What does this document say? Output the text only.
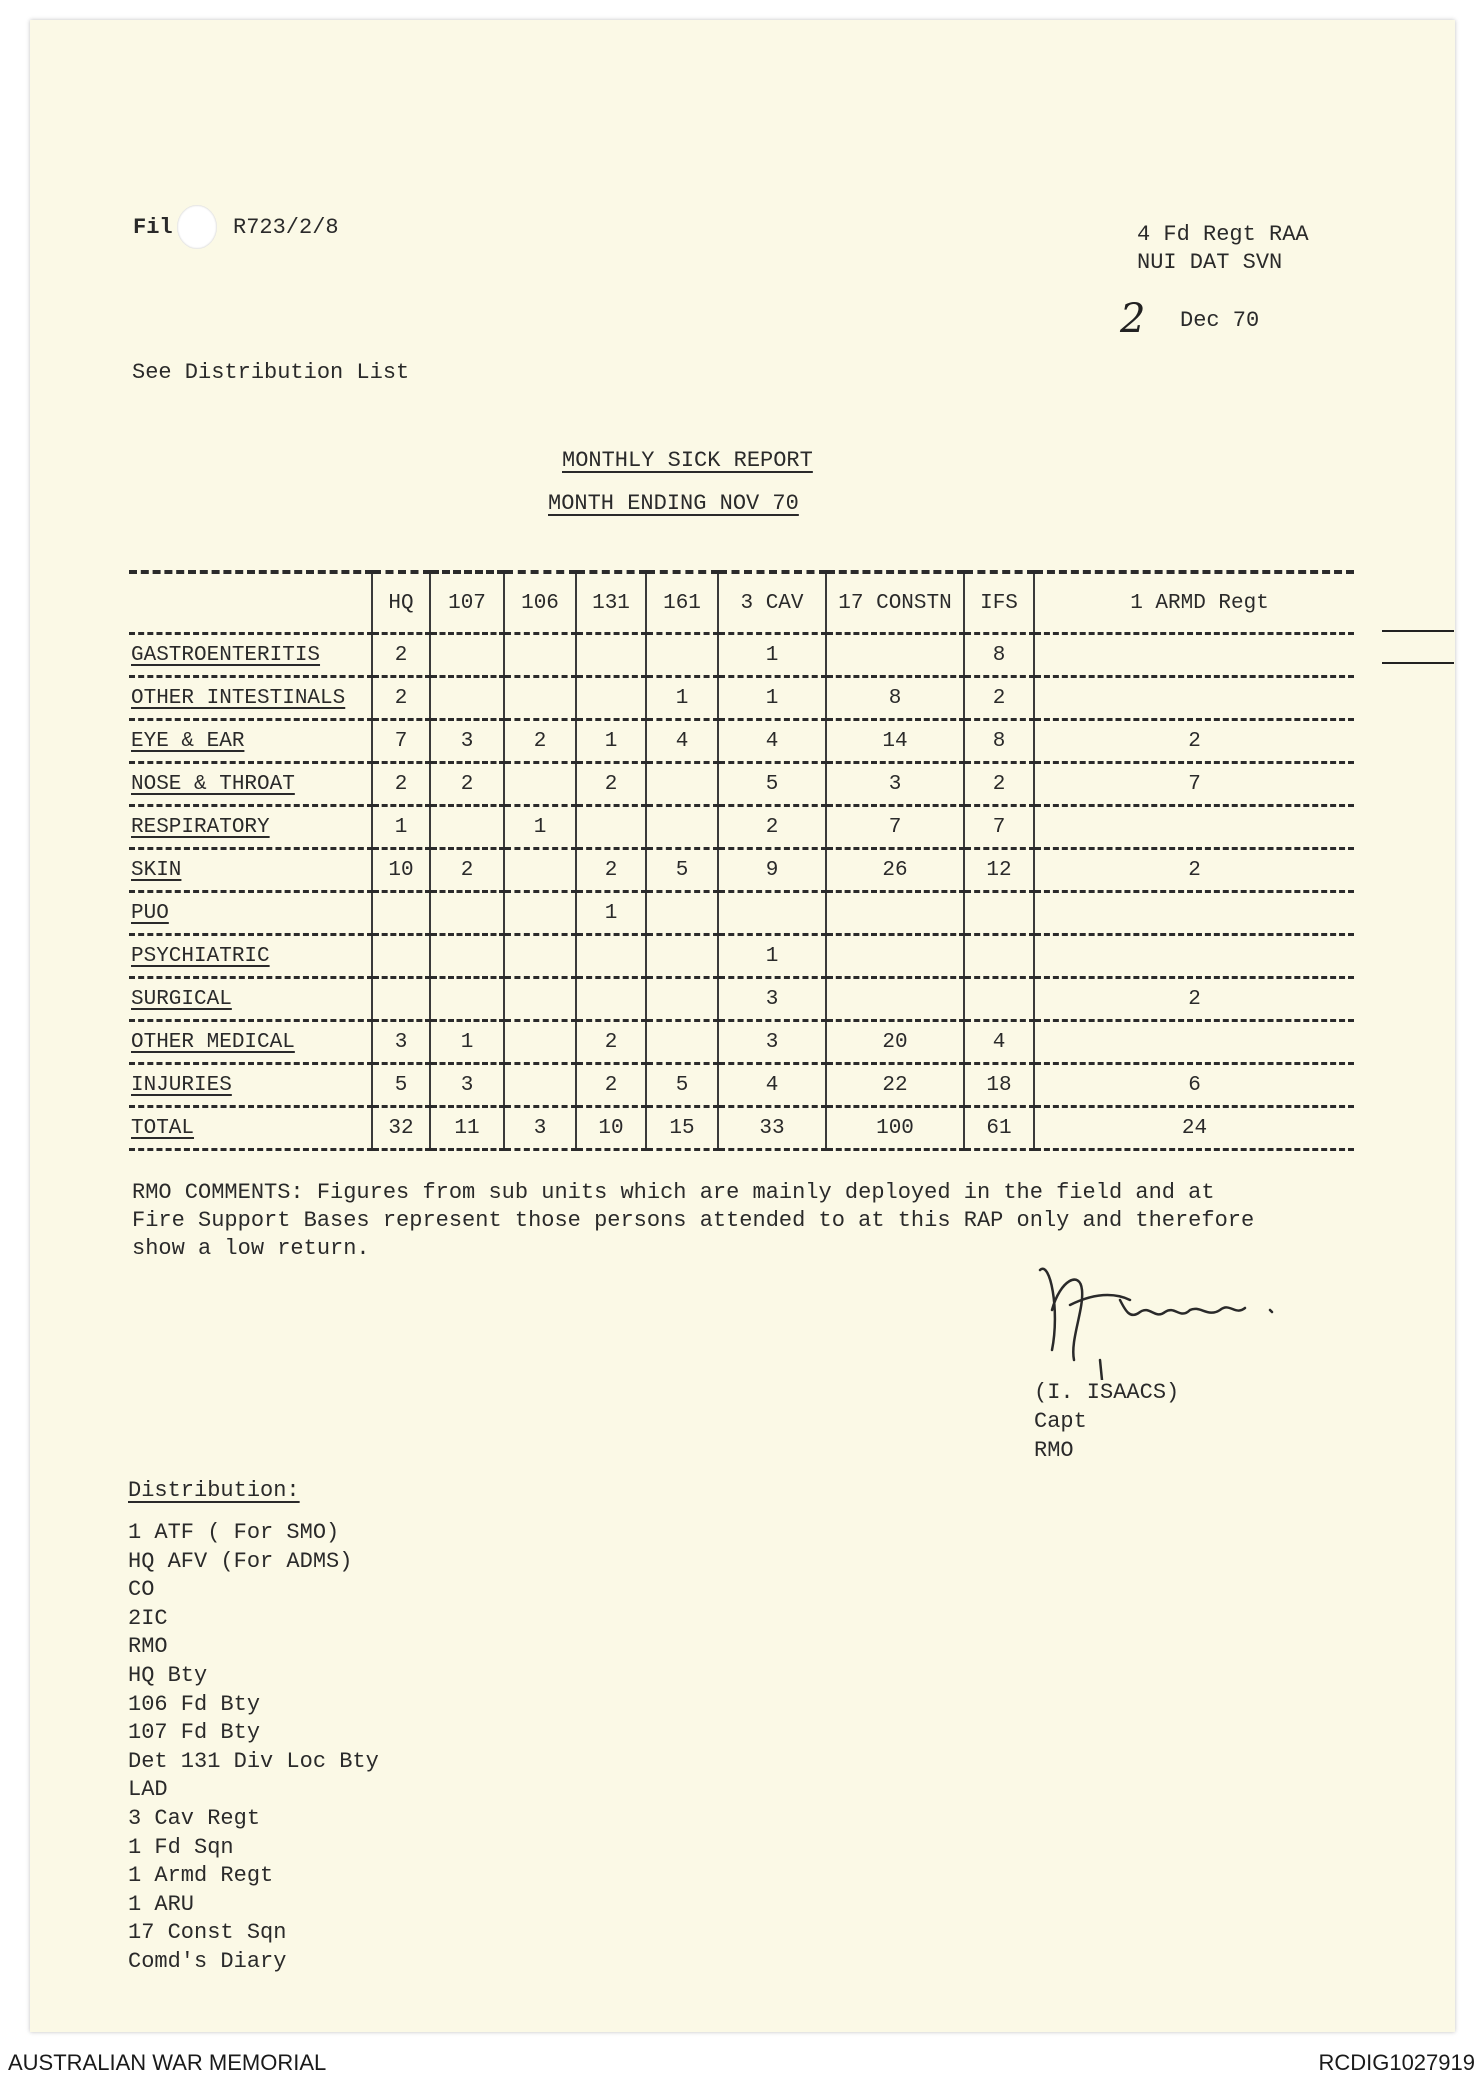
Fil	R723/2/8	4 Fd Regt RAA
NUI DAT SVN
2 Dec 70
See Distribution List
MONTHLY SICK REPORT
MONTH ENDING NOV 70
	HQ	107	106	131	161	3 CAV	17 CONSTN	IFS	1 ARMD Regt
GASTROENTERITIS	2					1		8	
OTHER INTESTINALS	2				1	1	8	2	
EYE & EAR	7	3	2	1	4	4	14	8	2
NOSE & THROAT	2	2		2		5	3	2	7
RESPIRATORY	1		1			2	7	7	
SKIN	10	2		2	5	9	26	12	2
PUO				1					
PSYCHIATRIC						1			
SURGICAL						3			2
OTHER MEDICAL	3	1		2		3	20	4	
INJURIES	5	3		2	5	4	22	18	6
TOTAL	32	11	3	10	15	33	100	61	24
RMO COMMENTS: Figures from sub units which are mainly deployed in the field and at
Fire Support Bases represent those persons attended to at this RAP only and therefore
show a low return.
(I. ISAACS)
Capt
RMO
Distribution:
1 ATF ( For SMO)
HQ AFV (For ADMS)
CO
2IC
RMO
HQ Bty
106 Fd Bty
107 Fd Bty
Det 131 Div Loc Bty
LAD
3 Cav Regt
1 Fd Sqn
1 Armd Regt
1 ARU
17 Const Sqn
Comd's Diary
AUSTRALIAN WAR MEMORIAL	RCDIG1027919
